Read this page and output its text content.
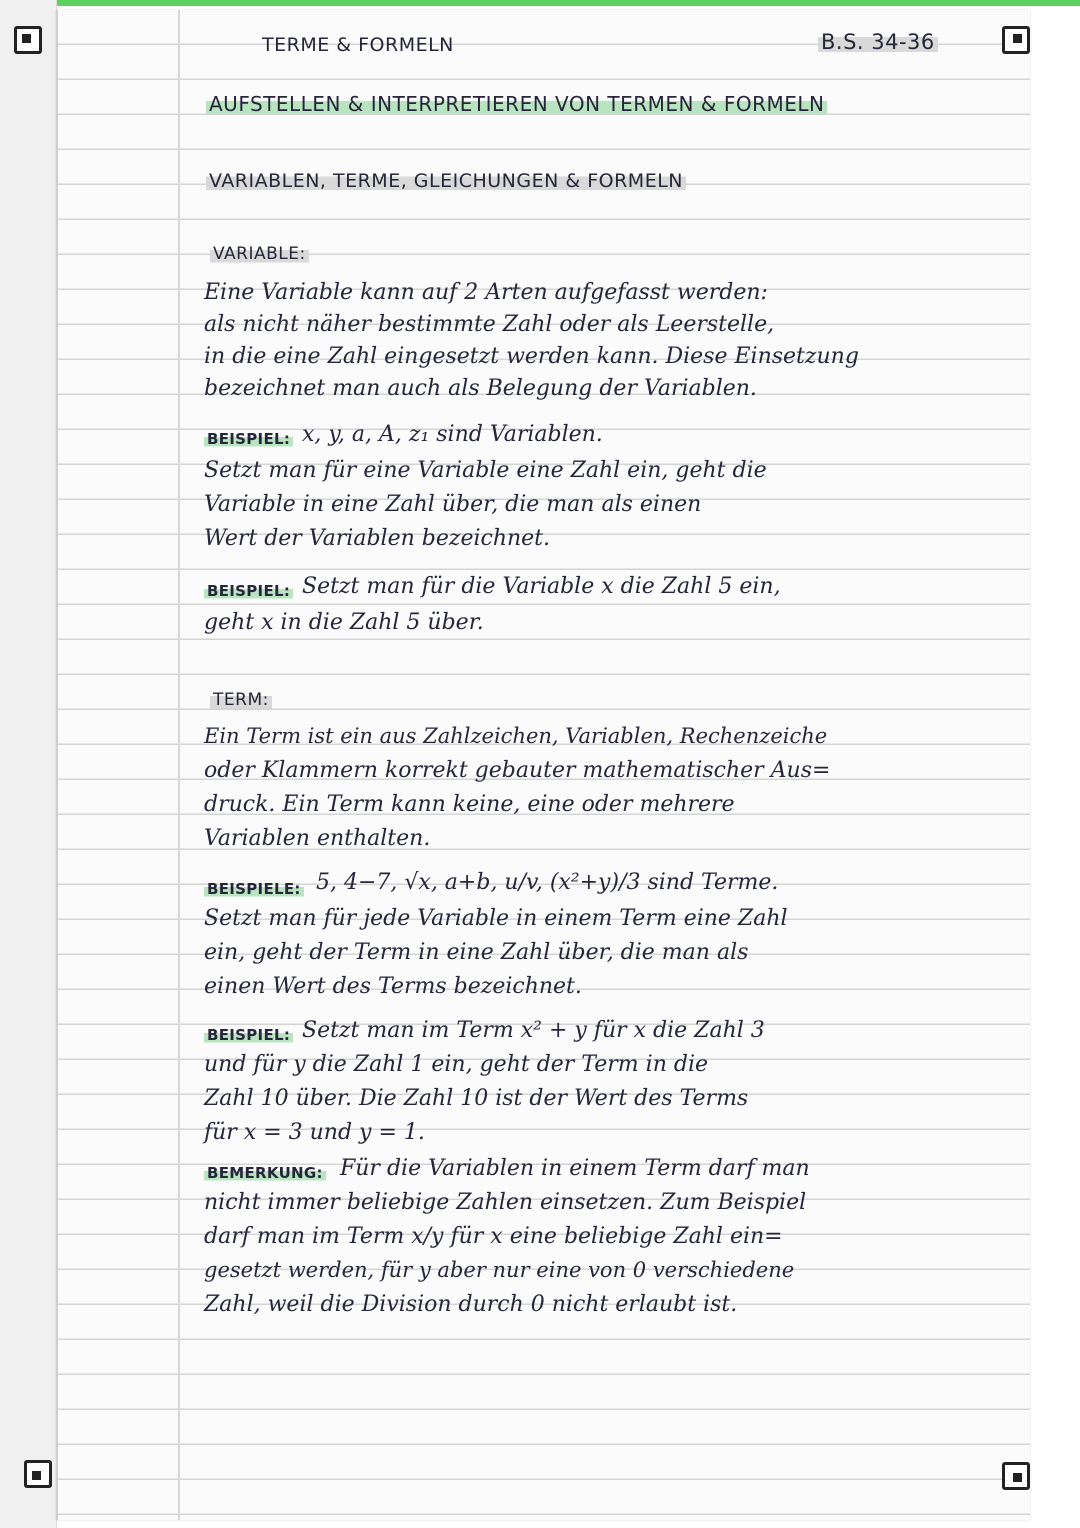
TERME & FORMELN	B.S. 34-36
AUFSTELLEN & INTERPRETIEREN VON TERMEN & FORMELN
VARIABLEN, TERME, GLEICHUNGEN & FORMELN
VARIABLE:
Eine Variable kann auf 2 Arten aufgefasst werden:
als nicht näher bestimmte Zahl oder als Leerstelle,
in die eine Zahl eingesetzt werden kann. Diese Einsetzung
bezeichnet man auch als Belegung der Variablen.
BEISPIEL: x, y, a, A, z₁ sind Variablen.
Setzt man für eine Variable eine Zahl ein, geht die
Variable in eine Zahl über, die man als einen
Wert der Variablen bezeichnet.
BEISPIEL: Setzt man für die Variable x die Zahl 5 ein,
geht x in die Zahl 5 über.
TERM:
Ein Term ist ein aus Zahlzeichen, Variablen, Rechenzeiche
oder Klammern korrekt gebauter mathematischer Aus=
druck. Ein Term kann keine, eine oder mehrere
Variablen enthalten.
BEISPIELE: 5, 4−7, √x, a+b, u/v, (x²+y)/3 sind Terme.
Setzt man für jede Variable in einem Term eine Zahl
ein, geht der Term in eine Zahl über, die man als
einen Wert des Terms bezeichnet.
BEISPIEL: Setzt man im Term x² + y für x die Zahl 3
und für y die Zahl 1 ein, geht der Term in die
Zahl 10 über. Die Zahl 10 ist der Wert des Terms
für x = 3 und y = 1.
BEMERKUNG: Für die Variablen in einem Term darf man
nicht immer beliebige Zahlen einsetzen. Zum Beispiel
darf man im Term x/y für x eine beliebige Zahl ein=
gesetzt werden, für y aber nur eine von 0 verschiedene
Zahl, weil die Division durch 0 nicht erlaubt ist.
